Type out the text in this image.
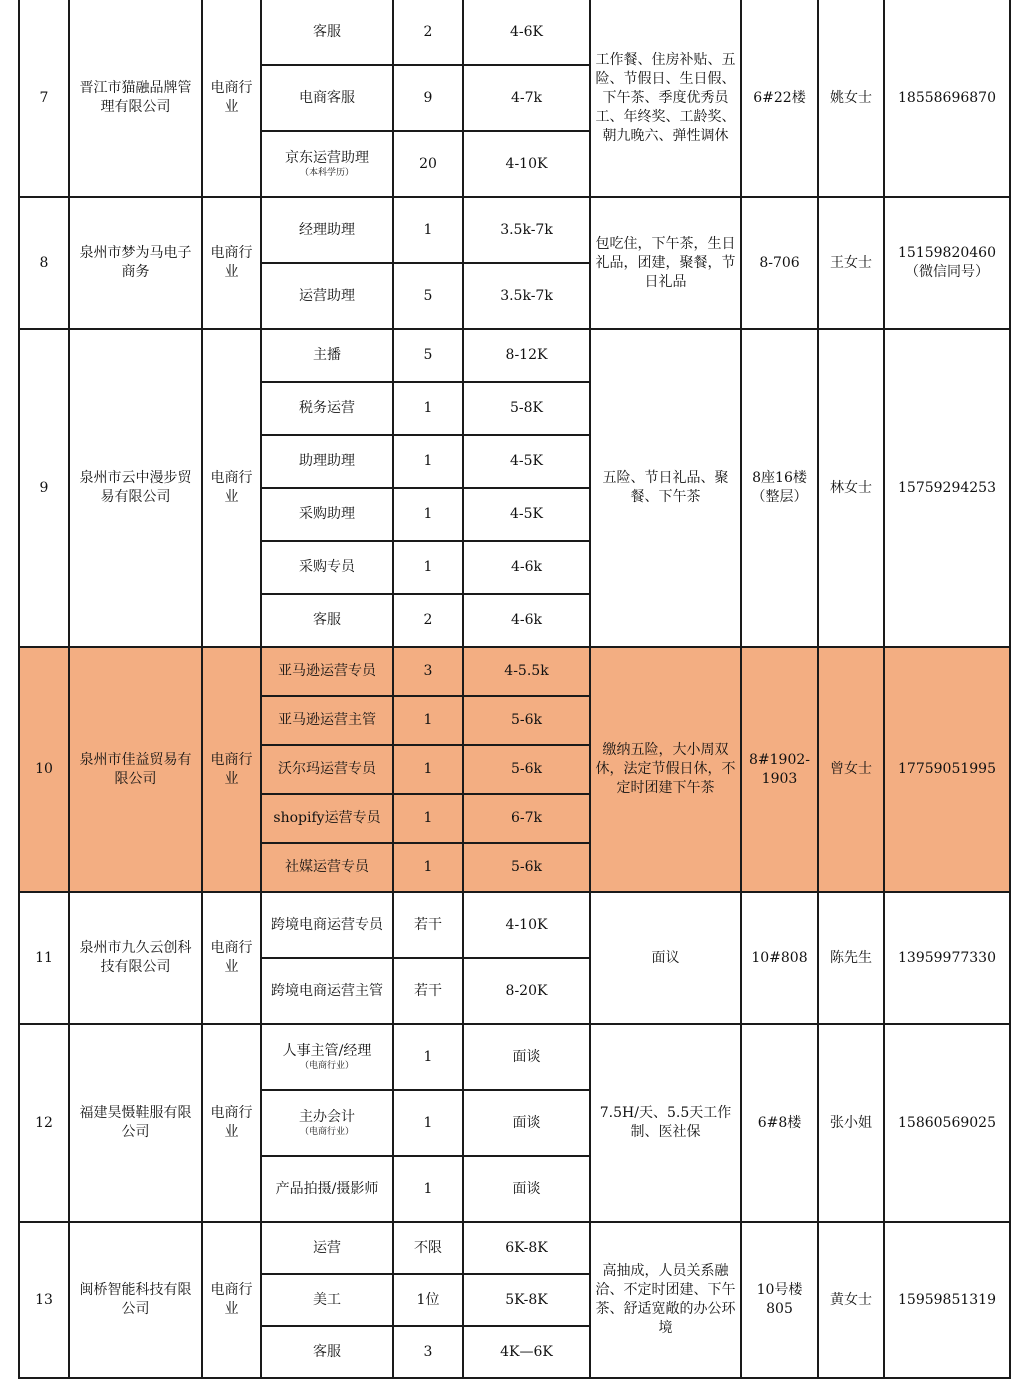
7	晋江市猫融品牌管理有限公司	电商行业	客服	2	4-6K	工作餐、住房补贴、五险、节假日、生日假、下午茶、季度优秀员工、年终奖、工龄奖、朝九晚六、弹性调休	6#22楼	姚女士	18558696870
			电商客服	9	4-7k				
			京东运营助理
（本科学历）	20	4-10K				
8	泉州市梦为马电子商务	电商行业	经理助理	1	3.5k-7k	包吃住，下午茶，生日礼品，团建，聚餐，节日礼品	8-706	王女士	15159820460（微信同号）
			运营助理	5	3.5k-7k				
9	泉州市云中漫步贸易有限公司	电商行业	主播	5	8-12K	五险、节日礼品、聚餐、下午茶	8座16楼（整层）	林女士	15759294253
			税务运营	1	5-8K				
			助理助理	1	4-5K				
			采购助理	1	4-5K				
			采购专员	1	4-6k				
			客服	2	4-6k				
10	泉州市佳益贸易有限公司	电商行业	亚马逊运营专员	3	4-5.5k	缴纳五险，大小周双休，法定节假日休，不定时团建下午茶	8#1902-1903	曾女士	17759051995
			亚马逊运营主管	1	5-6k				
			沃尔玛运营专员	1	5-6k				
			shopify运营专员	1	6-7k				
			社媒运营专员	1	5-6k				
11	泉州市九久云创科技有限公司	电商行业	跨境电商运营专员	若干	4-10K	面议	10#808	陈先生	13959977330
			跨境电商运营主管	若干	8-20K				
12	福建昊慑鞋服有限公司	电商行业	人事主管/经理
（电商行业）	1	面谈	7.5H/天、5.5天工作制、医社保	6#8楼	张小姐	15860569025
			主办会计
（电商行业）	1	面谈				
			产品拍摄/摄影师	1	面谈				
13	闽桥智能科技有限公司	电商行业	运营	不限	6K-8K	高抽成，人员关系融洽、不定时团建、下午茶、舒适宽敞的办公环境	10号楼805	黄女士	15959851319
			美工	1位	5K-8K				
			客服	3	4K—6K				
